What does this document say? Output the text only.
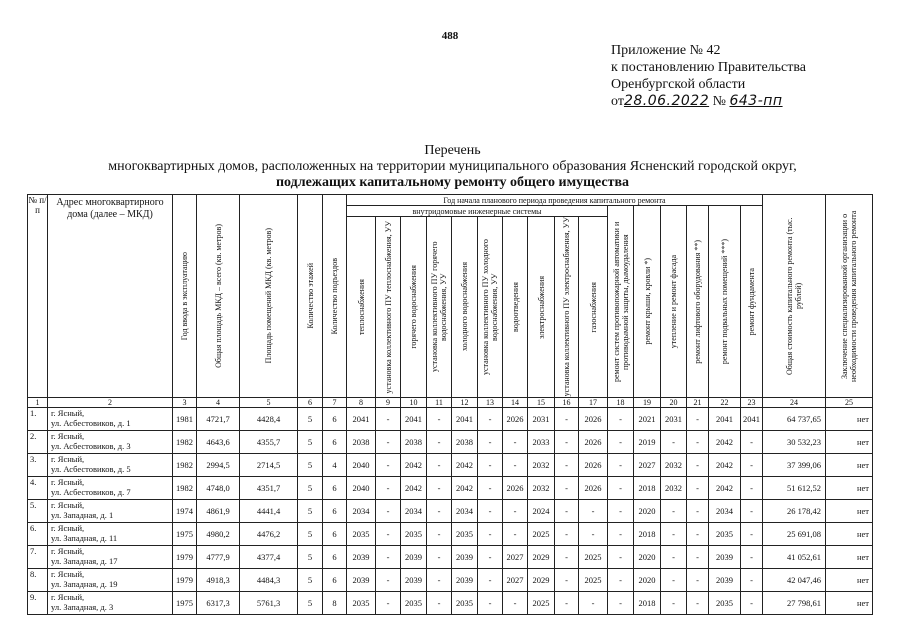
488
Приложение № 42
к постановлению Правительства
Оренбургской области
от28.06.2022 № 643-пп
Перечень
многоквартирных домов, расположенных на территории муниципального образования Ясненский городской округ,
подлежащих капитальному ремонту общего имущества
№ п/п	Адрес многоквартирного дома (далее – МКД)	Год ввода в эксплуатацию	Общая площадь МКД – всего (кв. метров)	Площадь помещений МКД (кв. метров)	Количество этажей	Количество подъездов	Год начала планового периода проведения капитального ремонта																Общая стоимость капитального ремонта (тыс. рублей)	Заключение специализированной организации о необходимости проведения капитального ремонта

							внутридомовые инженерные системы										ремонт систем противопожарной автоматики и противодымной защиты, дымоудаления	ремонт крыши, кровли *)	утепление и ремонт фасада	ремонт лифтового оборудования **)	ремонт подвальных помещений ***)	ремонт фундамента		

							теплоснабжения	установка коллективного ПУ теплоснабжения, УУ	горячего водоснабжения	установка коллективного ПУ горячего водоснабжения, УУ	холодного водоснабжения	установка коллективного ПУ холодного водоснабжения, УУ	водоотведения	электроснабжения	установка коллективного ПУ электроснабжения, УУ	газоснабжения								

1	2	3	4	5	6	7	8	9	10	11	12	13	14	15	16	17	18	19	20	21	22	23	24	25
1.	г. Ясный,
ул. Асбестовиков, д. 1	1981	4721,7	4428,4	5	6	2041	-	2041	-	2041	-	2026	2031	-	2026	-	2021	2031	-	2041	2041	64 737,65	нет
2.	г. Ясный,
ул. Асбестовиков, д. 3	1982	4643,6	4355,7	5	6	2038	-	2038	-	2038	-	-	2033	-	2026	-	2019	-	-	2042	-	30 532,23	нет
3.	г. Ясный,
ул. Асбестовиков, д. 5	1982	2994,5	2714,5	5	4	2040	-	2042	-	2042	-	-	2032	-	2026	-	2027	2032	-	2042	-	37 399,06	нет
4.	г. Ясный,
ул. Асбестовиков, д. 7	1982	4748,0	4351,7	5	6	2040	-	2042	-	2042	-	2026	2032	-	2026	-	2018	2032	-	2042	-	51 612,52	нет
5.	г. Ясный,
ул. Западная, д. 1	1974	4861,9	4441,4	5	6	2034	-	2034	-	2034	-	-	2024	-	-	-	2020	-	-	2034	-	26 178,42	нет
6.	г. Ясный,
ул. Западная, д. 11	1975	4980,2	4476,2	5	6	2035	-	2035	-	2035	-	-	2025	-	-	-	2018	-	-	2035	-	25 691,08	нет
7.	г. Ясный,
ул. Западная, д. 17	1979	4777,9	4377,4	5	6	2039	-	2039	-	2039	-	2027	2029	-	2025	-	2020	-	-	2039	-	41 052,61	нет
8.	г. Ясный,
ул. Западная, д. 19	1979	4918,3	4484,3	5	6	2039	-	2039	-	2039	-	2027	2029	-	2025	-	2020	-	-	2039	-	42 047,46	нет
9.	г. Ясный,
ул. Западная, д. 3	1975	6317,3	5761,3	5	8	2035	-	2035	-	2035	-	-	2025	-	-	-	2018	-	-	2035	-	27 798,61	нет
